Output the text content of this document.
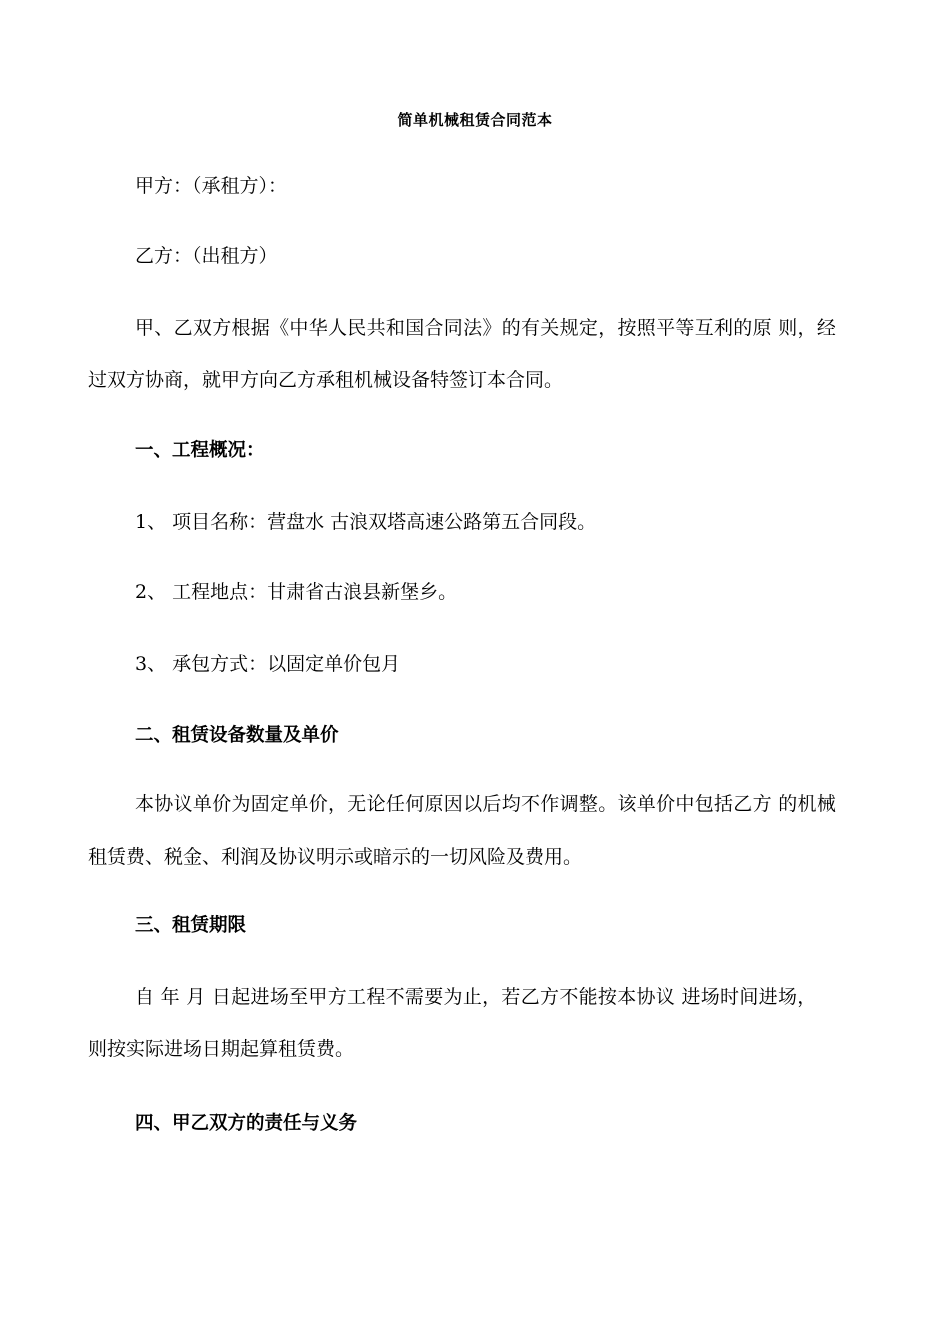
简单机械租赁合同范本
甲方：（承租方）：
乙方：（出租方）
甲、乙双方根据《中华人民共和国合同法》的有关规定，按照平等互利的原 则，经
过双方协商，就甲方向乙方承租机械设备特签订本合同。
一、工程概况：
1、 项目名称：营盘水 古浪双塔高速公路第五合同段。
2、 工程地点：甘肃省古浪县新堡乡。
3、 承包方式：以固定单价包月
二、租赁设备数量及单价
本协议单价为固定单价，无论任何原因以后均不作调整。该单价中包括乙方 的机械
租赁费、税金、利润及协议明示或暗示的一切风险及费用。
三、租赁期限
自 年 月 日起进场至甲方工程不需要为止，若乙方不能按本协议 进场时间进场，
则按实际进场日期起算租赁费。
四、甲乙双方的责任与义务
